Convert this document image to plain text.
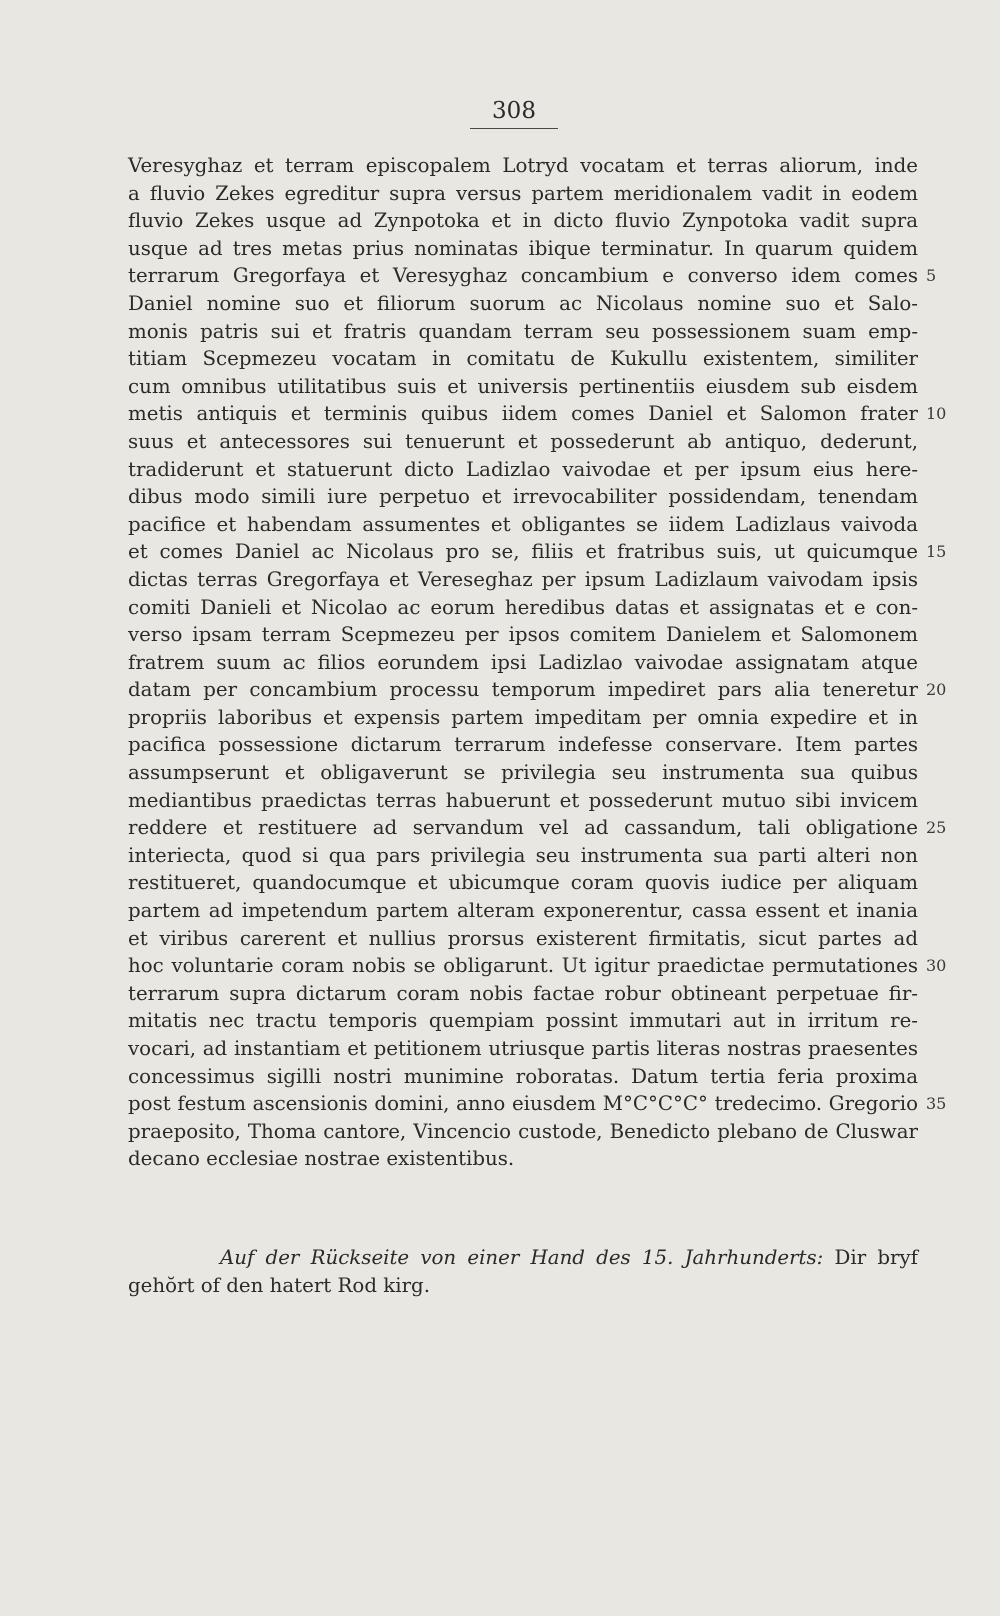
308
Veresyghaz et terram episcopalem Lotryd vocatam et terras aliorum, inde
a fluvio Zekes egreditur supra versus partem meridionalem vadit in eodem
fluvio Zekes usque ad Zynpotoka et in dicto fluvio Zynpotoka vadit supra
usque ad tres metas prius nominatas ibique terminatur. In quarum quidem
terrarum Gregorfaya et Veresyghaz concambium e converso idem comes
Daniel nomine suo et filiorum suorum ac Nicolaus nomine suo et Salo-
monis patris sui et fratris quandam terram seu possessionem suam emp-
titiam Scepmezeu vocatam in comitatu de Kukullu existentem, similiter
cum omnibus utilitatibus suis et universis pertinentiis eiusdem sub eisdem
metis antiquis et terminis quibus iidem comes Daniel et Salomon frater
suus et antecessores sui tenuerunt et possederunt ab antiquo, dederunt,
tradiderunt et statuerunt dicto Ladizlao vaivodae et per ipsum eius here-
dibus modo simili iure perpetuo et irrevocabiliter possidendam, tenendam
pacifice et habendam assumentes et obligantes se iidem Ladizlaus vaivoda
et comes Daniel ac Nicolaus pro se, filiis et fratribus suis, ut quicumque
dictas terras Gregorfaya et Vereseghaz per ipsum Ladizlaum vaivodam ipsis
comiti Danieli et Nicolao ac eorum heredibus datas et assignatas et e con-
verso ipsam terram Scepmezeu per ipsos comitem Danielem et Salomonem
fratrem suum ac filios eorundem ipsi Ladizlao vaivodae assignatam atque
datam per concambium processu temporum impediret pars alia teneretur
propriis laboribus et expensis partem impeditam per omnia expedire et in
pacifica possessione dictarum terrarum indefesse conservare. Item partes
assumpserunt et obligaverunt se privilegia seu instrumenta sua quibus
mediantibus praedictas terras habuerunt et possederunt mutuo sibi invicem
reddere et restituere ad servandum vel ad cassandum, tali obligatione
interiecta, quod si qua pars privilegia seu instrumenta sua parti alteri non
restitueret, quandocumque et ubicumque coram quovis iudice per aliquam
partem ad impetendum partem alteram exponerentur, cassa essent et inania
et viribus carerent et nullius prorsus existerent firmitatis, sicut partes ad
hoc voluntarie coram nobis se obligarunt. Ut igitur praedictae permutationes
terrarum supra dictarum coram nobis factae robur obtineant perpetuae fir-
mitatis nec tractu temporis quempiam possint immutari aut in irritum re-
vocari, ad instantiam et petitionem utriusque partis literas nostras praesentes
concessimus sigilli nostri munimine roboratas. Datum tertia feria proxima
post festum ascensionis domini, anno eiusdem M°C°C°C° tredecimo. Gregorio
praeposito, Thoma cantore, Vincencio custode, Benedicto plebano de Cluswar
decano ecclesiae nostrae existentibus.
5
10
15
20
25
30
35
Auf der Rückseite von einer Hand des 15. Jahrhunderts: Dir bryf
gehŏrt of den hatert Rod kirg.
